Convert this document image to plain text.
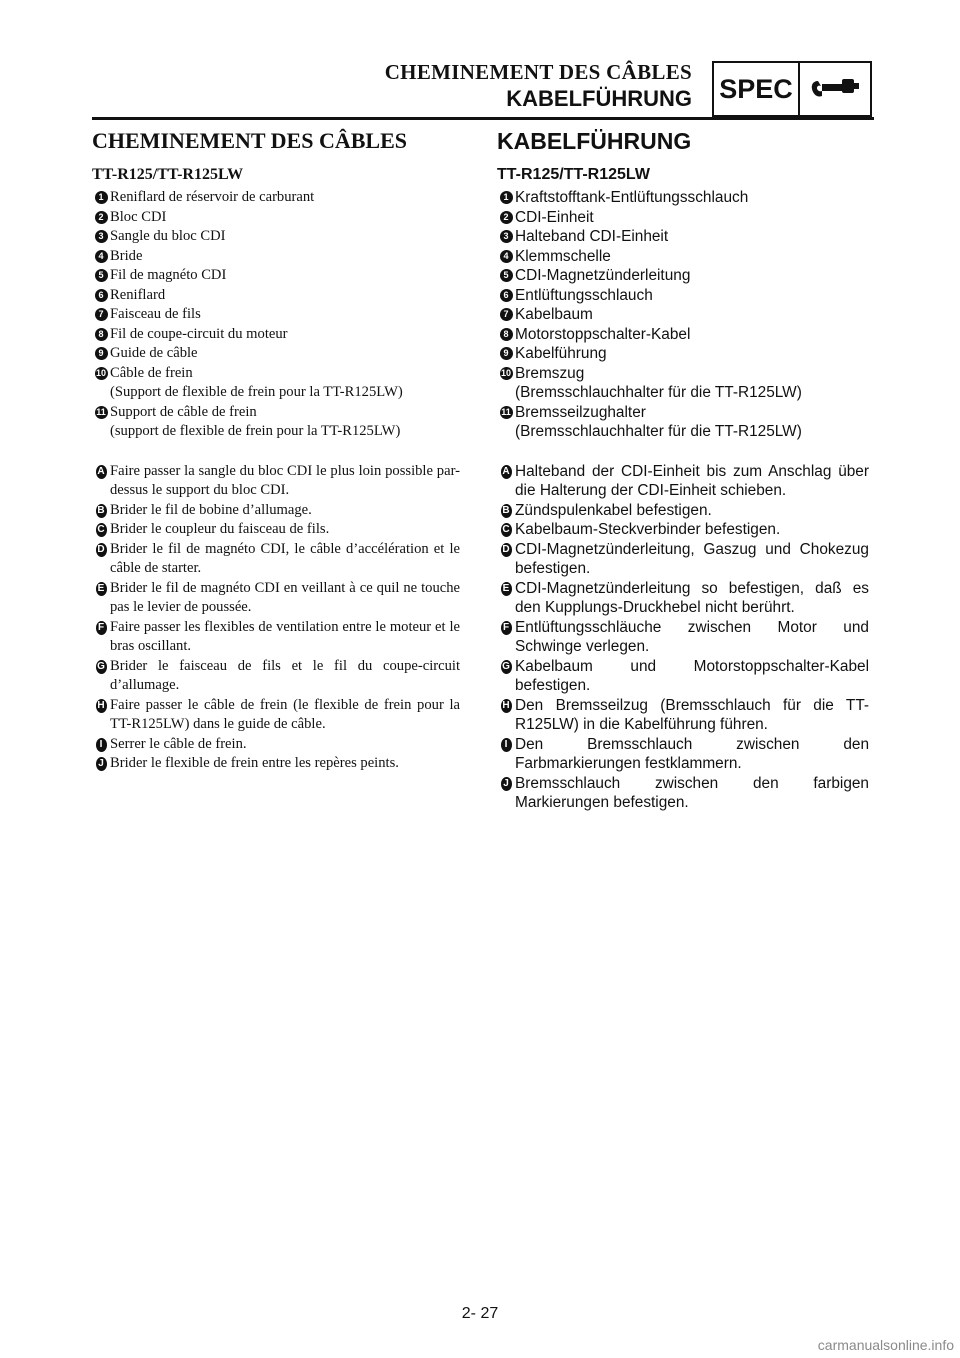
CHEMINEMENT DES CÂBLES
KABELFÜHRUNG SPEC
CHEMINEMENT DES CÂBLES
TT-R125/TT-R125LW
1 Reniflard de réservoir de carburant
2 Bloc CDI
3 Sangle du bloc CDI
4 Bride
5 Fil de magnéto CDI
6 Reniflard
7 Faisceau de fils
8 Fil de coupe-circuit du moteur
9 Guide de câble
10 Câble de frein
(Support de flexible de frein pour la TT-R125LW)
11 Support de câble de frein
(support de flexible de frein pour la TT-R125LW)
A Faire passer la sangle du bloc CDI le plus loin possible par-dessus le support du bloc CDI.
B Brider le fil de bobine d’allumage.
C Brider le coupleur du faisceau de fils.
D Brider le fil de magnéto CDI, le câble d’accélération et le câble de starter.
E Brider le fil de magnéto CDI en veillant à ce quil ne touche pas le levier de poussée.
F Faire passer les flexibles de ventilation entre le moteur et le bras oscillant.
G Brider le faisceau de fils et le fil du coupe-circuit d’allumage.
H Faire passer le câble de frein (le flexible de frein pour la TT-R125LW) dans le guide de câble.
I Serrer le câble de frein.
J Brider le flexible de frein entre les repères peints.
KABELFÜHRUNG
TT-R125/TT-R125LW
1 Kraftstofftank-Entlüftungsschlauch
2 CDI-Einheit
3 Halteband CDI-Einheit
4 Klemmschelle
5 CDI-Magnetzünderleitung
6 Entlüftungsschlauch
7 Kabelbaum
8 Motorstoppschalter-Kabel
9 Kabelführung
10 Bremszug
(Bremsschlauchhalter für die TT-R125LW)
11 Bremsseilzughalter
(Bremsschlauchhalter für die TT-R125LW)
A Halteband der CDI-Einheit bis zum Anschlag über die Halterung der CDI-Einheit schieben.
B Zündspulenkabel befestigen.
C Kabelbaum-Steckverbinder befestigen.
D CDI-Magnetzünderleitung, Gaszug und Chokezug befestigen.
E CDI-Magnetzünderleitung so befestigen, daß es den Kupplungs-Druckhebel nicht berührt.
F Entlüftungsschläuche zwischen Motor und Schwinge verlegen.
G Kabelbaum und Motorstoppschalter-Kabel befestigen.
H Den Bremsseilzug (Bremsschlauch für die TT-R125LW) in die Kabelführung führen.
I Den Bremsschlauch zwischen den Farbmarkierungen festklammern.
J Bremsschlauch zwischen den farbigen Markierungen befestigen.
2- 27
carmanualsonline.info
